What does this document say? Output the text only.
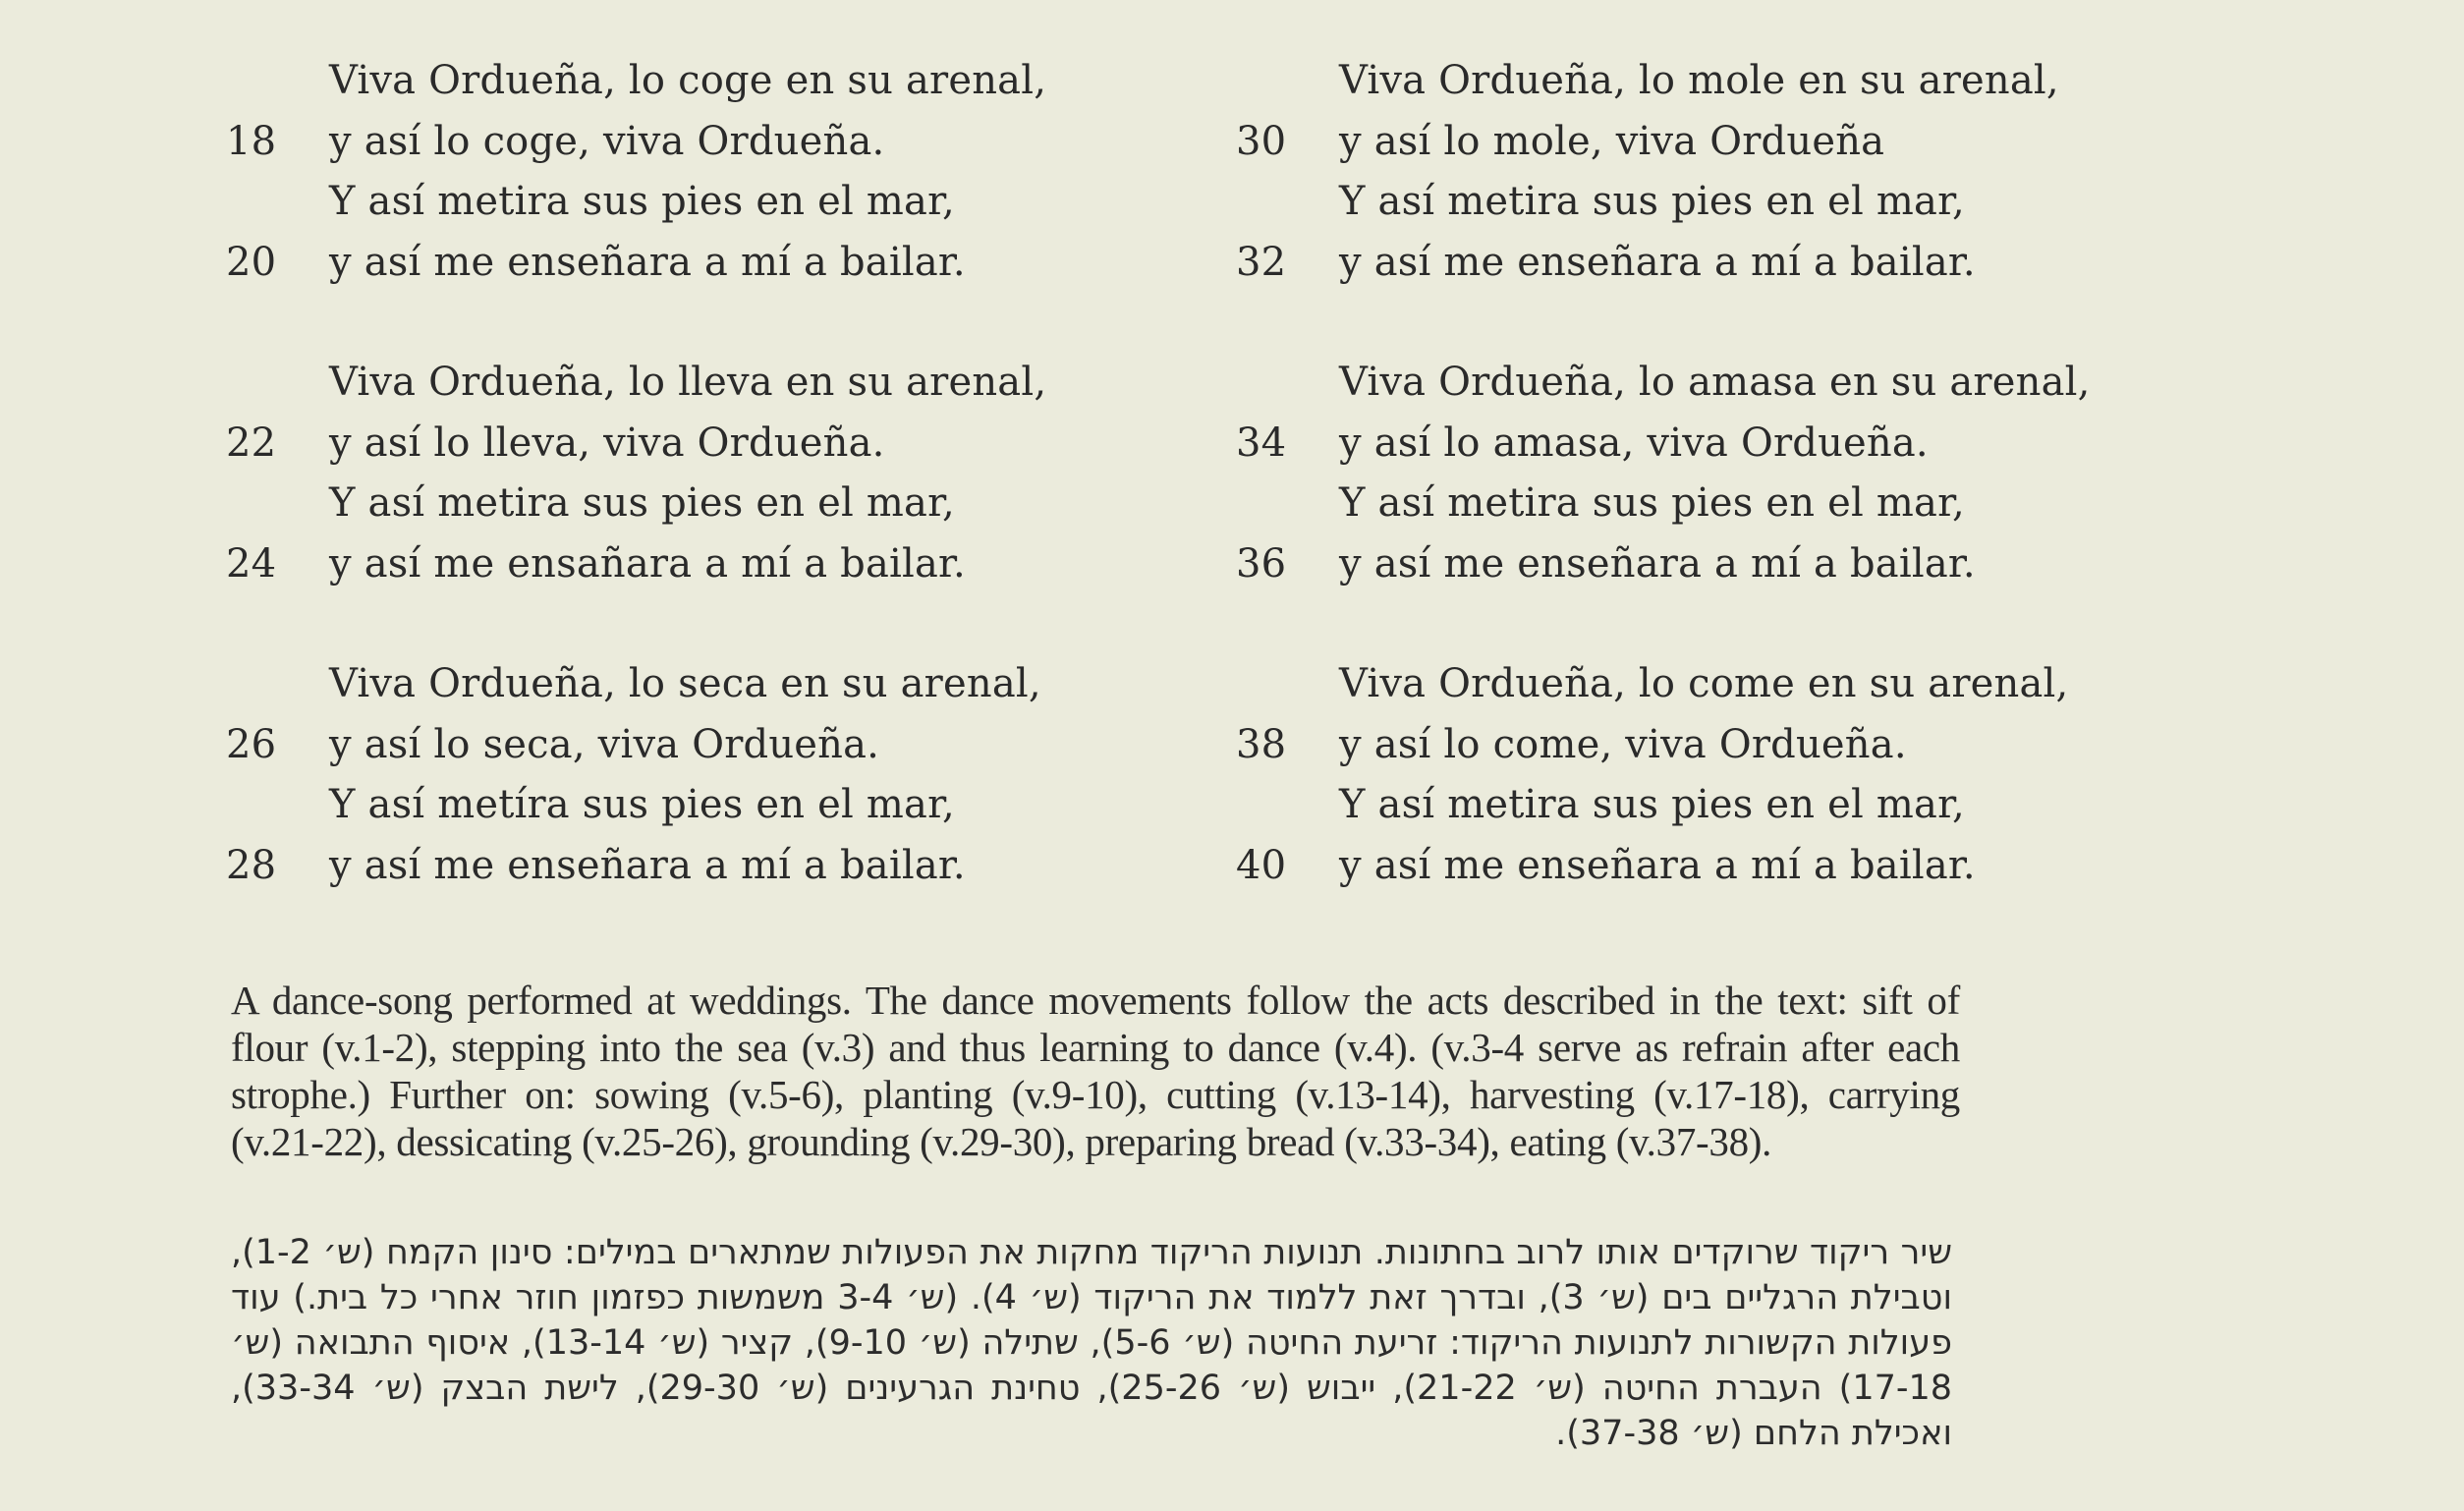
Viva Ordueña, lo coge en su arenal,
18 y así lo coge, viva Ordueña.
Y así metira sus pies en el mar,
20 y así me enseñara a mí a bailar.
Viva Ordueña, lo lleva en su arenal,
22 y así lo lleva, viva Ordueña.
Y así metira sus pies en el mar,
24 y así me ensañara a mí a bailar.
Viva Ordueña, lo seca en su arenal,
26 y así lo seca, viva Ordueña.
Y así metíra sus pies en el mar,
28 y así me enseñara a mí a bailar.
Viva Ordueña, lo mole en su arenal,
30 y así lo mole, viva Ordueña
Y así metira sus pies en el mar,
32 y así me enseñara a mí a bailar.
Viva Ordueña, lo amasa en su arenal,
34 y así lo amasa, viva Ordueña.
Y así metira sus pies en el mar,
36 y así me enseñara a mí a bailar.
Viva Ordueña, lo come en su arenal,
38 y así lo come, viva Ordueña.
Y así metira sus pies en el mar,
40 y así me enseñara a mí a bailar.

A dance-song performed at weddings. The dance movements follow the acts described in the text: sift of flour (v.1-2), stepping into the sea (v.3) and thus learning to dance (v.4). (v.3-4 serve as refrain after each strophe.) Further on: sowing (v.5-6), planting (v.9-10), cutting (v.13-14), harvesting (v.17-18), carrying (v.21-22), dessicating (v.25-26), grounding (v.29-30), preparing bread (v.33-34), eating (v.37-38).

שיר ריקוד שרוקדים אותו לרוב בחתונות. תנועות הריקוד מחקות את הפעולות שמתארים במילים: סינון הקמח (ש׳ 1-2), וטבילת הרגליים בים (ש׳ 3), ובדרך זאת ללמוד את הריקוד (ש׳ 4). (ש׳ 3-4 משמשות כפזמון חוזר אחרי כל בית.) עוד פעולות הקשורות לתנועות הריקוד: זריעת החיטה (ש׳ 5-6), שתילה (ש׳ 9-10), קציר (ש׳ 13-14), איסוף התבואה (ש׳ 17-18) העברת החיטה (ש׳ 21-22), ייבוש (ש׳ 25-26), טחינת הגרעינים (ש׳ 29-30), לישת הבצק (ש׳ 33-34), ואכילת הלחם (ש׳ 37-38).
